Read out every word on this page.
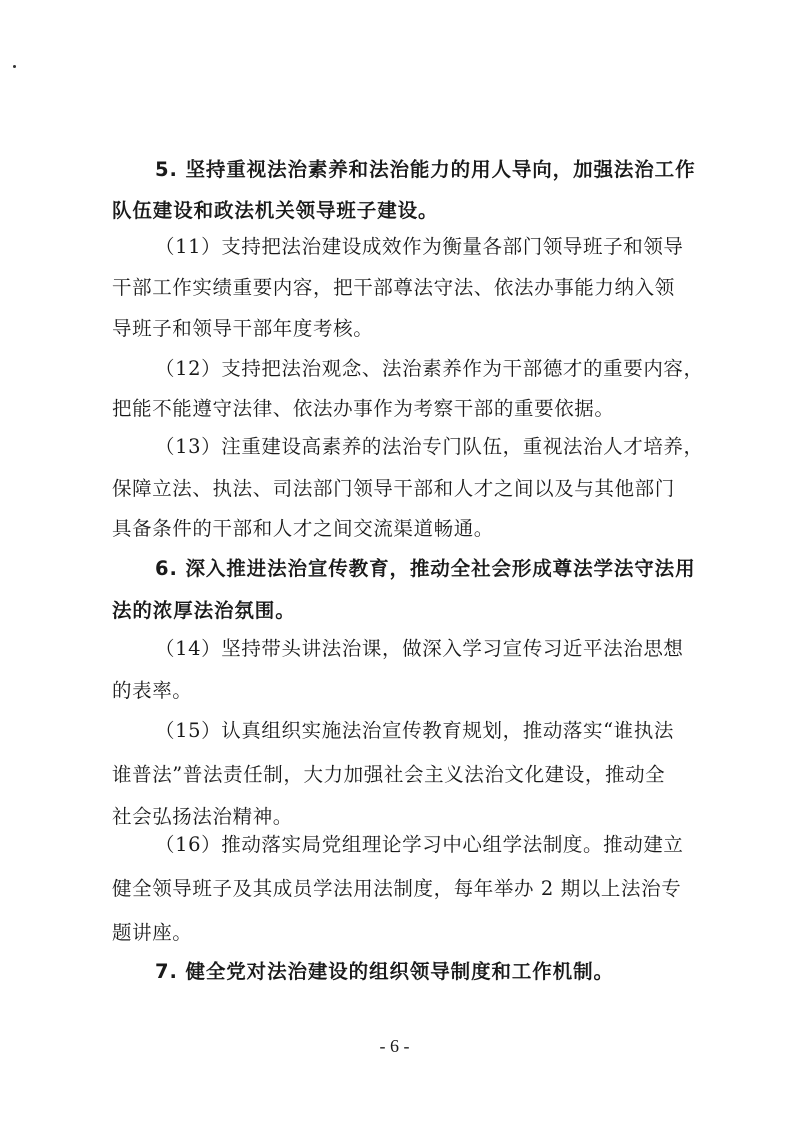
5. 坚持重视法治素养和法治能力的用人导向，加强法治工作
队伍建设和政法机关领导班子建设。
（11）支持把法治建设成效作为衡量各部门领导班子和领导
干部工作实绩重要内容，把干部尊法守法、依法办事能力纳入领
导班子和领导干部年度考核。
（12）支持把法治观念、法治素养作为干部德才的重要内容，
把能不能遵守法律、依法办事作为考察干部的重要依据。
（13）注重建设高素养的法治专门队伍，重视法治人才培养，
保障立法、执法、司法部门领导干部和人才之间以及与其他部门
具备条件的干部和人才之间交流渠道畅通。
6. 深入推进法治宣传教育，推动全社会形成尊法学法守法用
法的浓厚法治氛围。
（14）坚持带头讲法治课，做深入学习宣传习近平法治思想
的表率。
（15）认真组织实施法治宣传教育规划，推动落实“谁执法
谁普法”普法责任制，大力加强社会主义法治文化建设，推动全
社会弘扬法治精神。
（16）推动落实局党组理论学习中心组学法制度。推动建立
健全领导班子及其成员学法用法制度，每年举办 2 期以上法治专
题讲座。
7. 健全党对法治建设的组织领导制度和工作机制。
- 6 -
